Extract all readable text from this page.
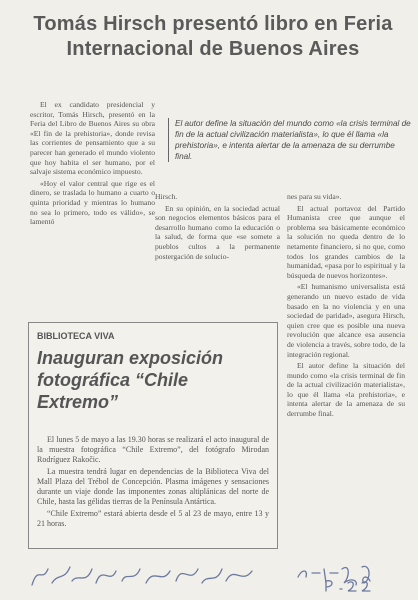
Tomás Hirsch presentó libro en Feria Internacional de Buenos Aires

El ex candidato presidencial y escritor, Tomás Hirsch, presentó en la Feria del Libro de Buenos Aires su obra «El fin de la prehistoria», donde revisa las corrientes de pensamiento que a su parecer han generado el mundo violento que hoy habita el ser humano, por el salvaje sistema económico impuesto.

«Hoy el valor central que rige es el dinero, se traslada lo humano a cuarto o quinta prioridad y mientras lo humano no sea lo primero, todo es válido», se lamentó

El autor define la situación del mundo como «la crisis terminal de fin de la actual civilización materialista», lo que él llama «la prehistoria», e intenta alertar de la amenaza de su derrumbe final.

Hirsch.

En su opinión, en la sociedad actual son negocios elementos básicos para el desarrollo humano como la educación o la salud, de forma que «se somete a pueblos cultos a la permanente postergación de solucio-

nes para su vida».

El actual portavoz del Partido Humanista cree que aunque el problema sea básicamente económico la solución no queda dentro de lo netamente financiero, si no que, como todos los grandes cambios de la humanidad, «pasa por lo espiritual y la búsqueda de nuevos horizontes».

«El humanismo universalista está generando un nuevo estado de vida basado en la no violencia y en una sociedad de paridad», asegura Hirsch, quien cree que es posible una nueva revolución que alcance esa ausencia de violencia a través, sobre todo, de la integración regional.

El autor define la situación del mundo como «la crisis terminal de fin de la actual civilización materialista», lo que él llama «la prehistoria», e intenta alertar de la amenaza de su derrumbe final.

BIBLIOTECA VIVA
Inauguran exposición fotográfica “Chile Extremo”

El lunes 5 de mayo a las 19.30 horas se realizará el acto inaugural de la muestra fotográfica “Chile Extremo”, del fotógrafo Mirodan Rodríguez Rakočic.

La muestra tendrá lugar en dependencias de la Biblioteca Viva del Mall Plaza del Trébol de Concepción. Plasma imágenes y sensaciones durante un viaje donde las imponentes zonas altiplánicas del norte de Chile, hasta las gélidas tierras de la Península Antártica.

“Chile Extremo” estará abierta desde el 5 al 23 de mayo, entre 13 y 21 horas.
